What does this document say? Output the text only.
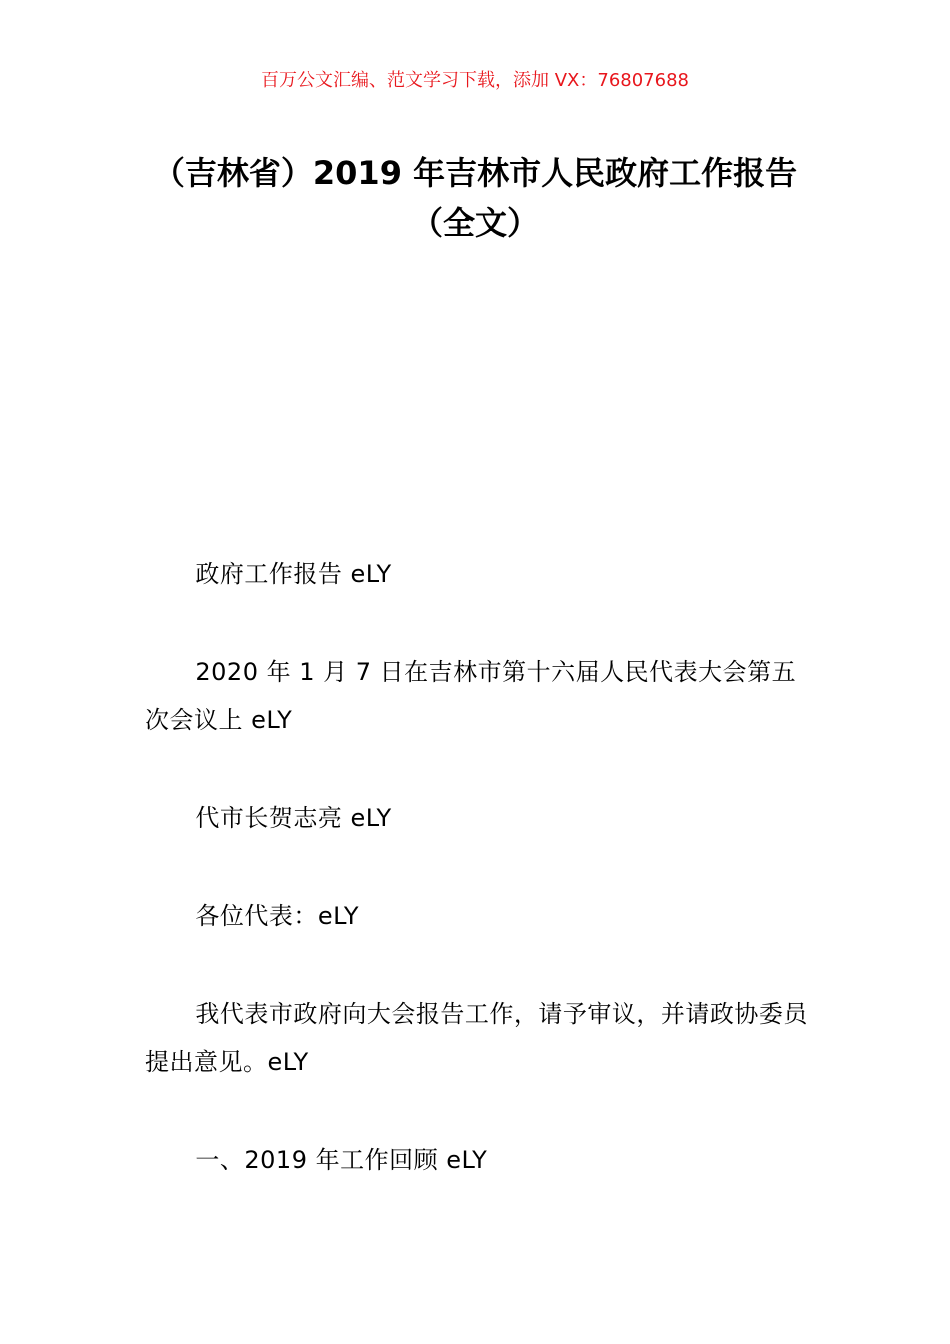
百万公文汇编、范文学习下载，添加 VX：76807688
（吉林省）2019 年吉林市人民政府工作报告（全文）

政府工作报告 eLY

2020 年 1 月 7 日在吉林市第十六届人民代表大会第五次会议上 eLY

代市长贺志亮 eLY

各位代表：eLY

我代表市政府向大会报告工作，请予审议，并请政协委员提出意见。eLY

一、2019 年工作回顾 eLY
